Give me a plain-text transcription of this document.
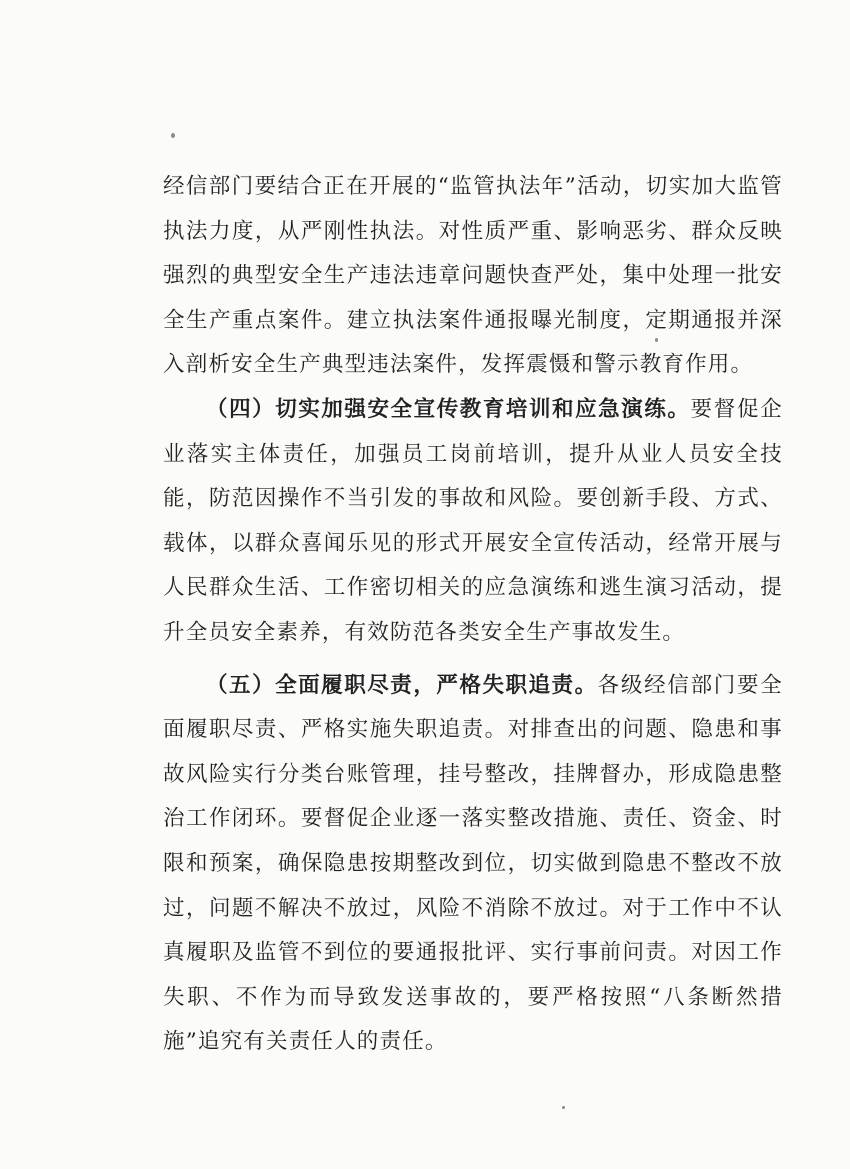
经信部门要结合正在开展的“监管执法年”活动，切实加大监管执法力度，从严刚性执法。对性质严重、影响恶劣、群众反映强烈的典型安全生产违法违章问题快查严处，集中处理一批安全生产重点案件。建立执法案件通报曝光制度，定期通报并深入剖析安全生产典型违法案件，发挥震慑和警示教育作用。

（四）切实加强安全宣传教育培训和应急演练。要督促企业落实主体责任，加强员工岗前培训，提升从业人员安全技能，防范因操作不当引发的事故和风险。要创新手段、方式、载体，以群众喜闻乐见的形式开展安全宣传活动，经常开展与人民群众生活、工作密切相关的应急演练和逃生演习活动，提升全员安全素养，有效防范各类安全生产事故发生。

（五）全面履职尽责，严格失职追责。各级经信部门要全面履职尽责、严格实施失职追责。对排查出的问题、隐患和事故风险实行分类台账管理，挂号整改，挂牌督办，形成隐患整治工作闭环。要督促企业逐一落实整改措施、责任、资金、时限和预案，确保隐患按期整改到位，切实做到隐患不整改不放过，问题不解决不放过，风险不消除不放过。对于工作中不认真履职及监管不到位的要通报批评、实行事前问责。对因工作失职、不作为而导致发送事故的，要严格按照“八条断然措施”追究有关责任人的责任。
